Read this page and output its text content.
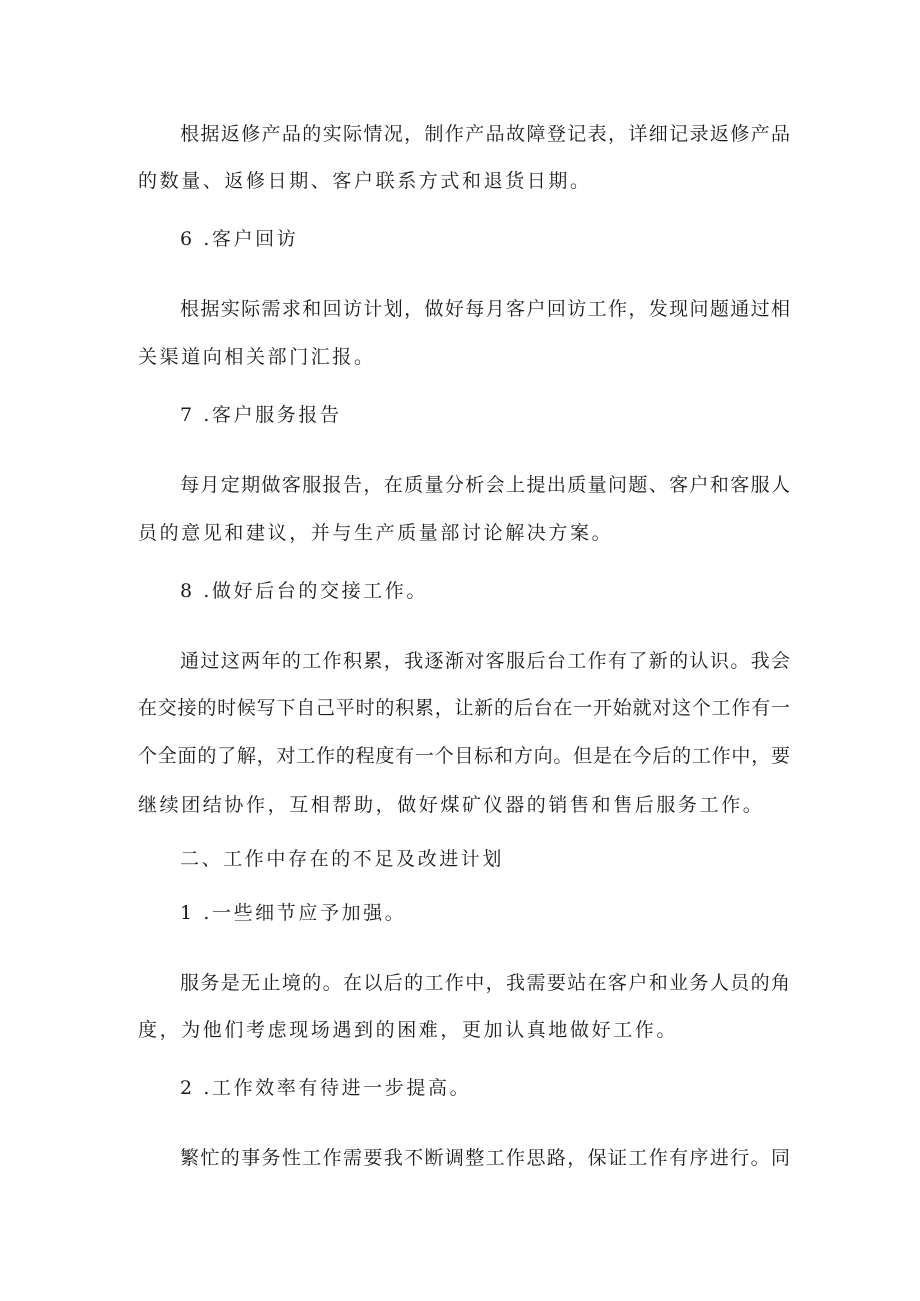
根据返修产品的实际情况，制作产品故障登记表，详细记录返修产品
的数量、返修日期、客户联系方式和退货日期。
6 .客户回访
根据实际需求和回访计划，做好每月客户回访工作，发现问题通过相
关渠道向相关部门汇报。
7 .客户服务报告
每月定期做客服报告，在质量分析会上提出质量问题、客户和客服人
员的意见和建议，并与生产质量部讨论解决方案。
8 .做好后台的交接工作。
通过这两年的工作积累，我逐渐对客服后台工作有了新的认识。我会
在交接的时候写下自己平时的积累，让新的后台在一开始就对这个工作有一
个全面的了解，对工作的程度有一个目标和方向。但是在今后的工作中，要
继续团结协作，互相帮助，做好煤矿仪器的销售和售后服务工作。
二、工作中存在的不足及改进计划
1 .一些细节应予加强。
服务是无止境的。在以后的工作中，我需要站在客户和业务人员的角
度，为他们考虑现场遇到的困难，更加认真地做好工作。
2 .工作效率有待进一步提高。
繁忙的事务性工作需要我不断调整工作思路，保证工作有序进行。同
